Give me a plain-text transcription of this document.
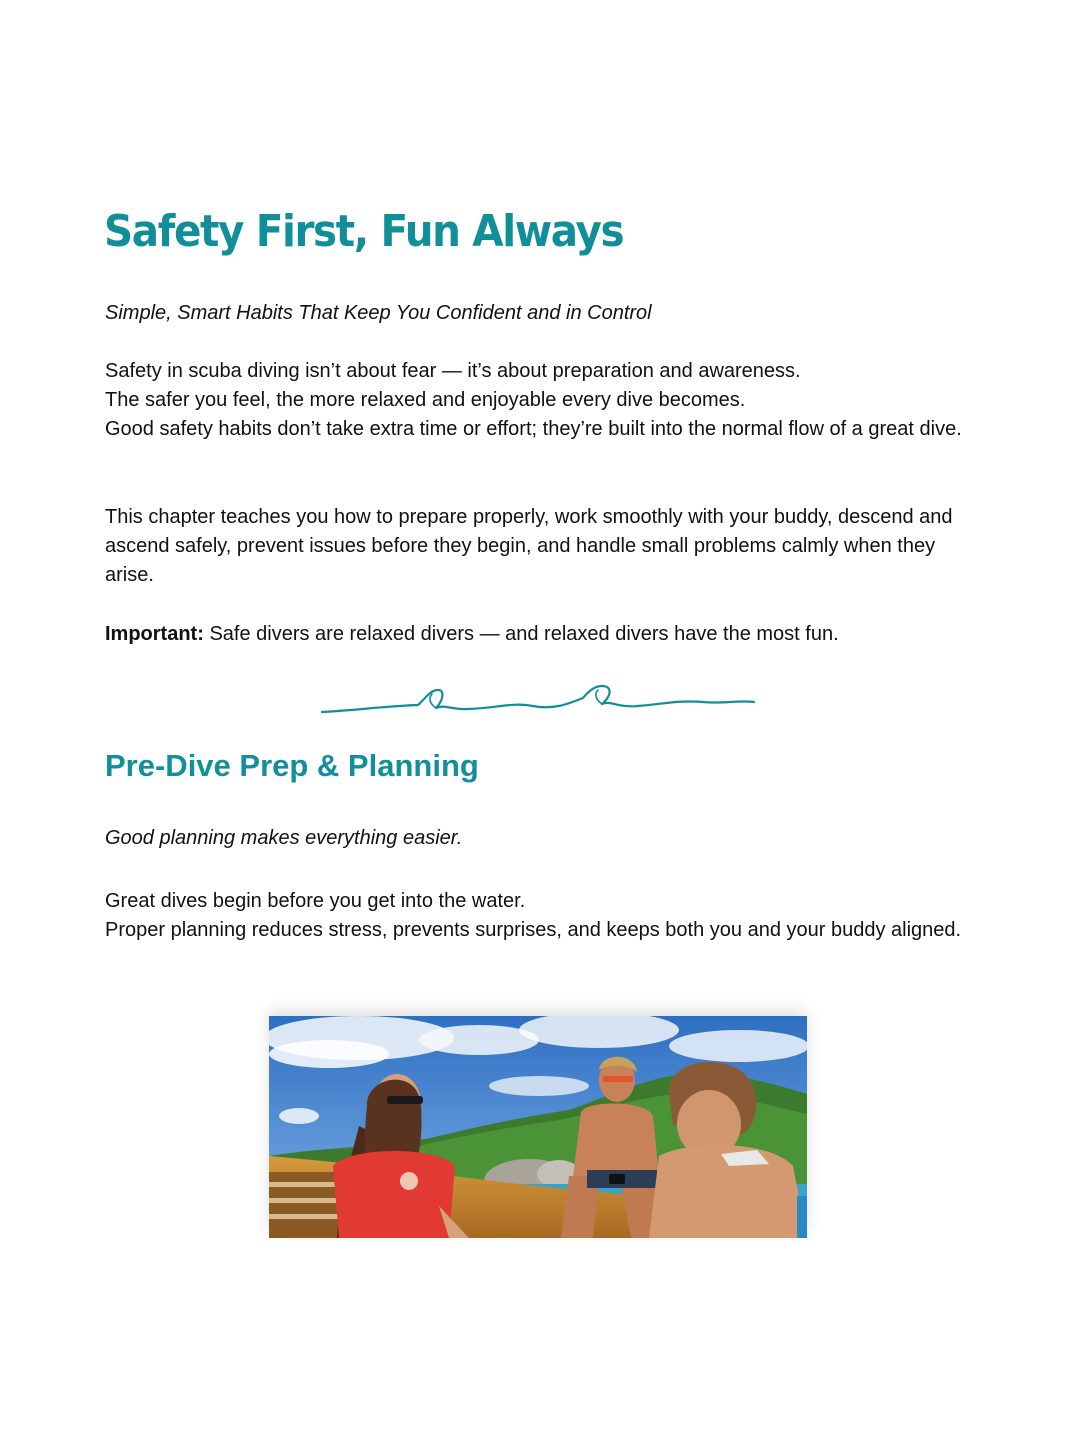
Safety First, Fun Always

Simple, Smart Habits That Keep You Confident and in Control

Safety in scuba diving isn’t about fear — it’s about preparation and awareness.

The safer you feel, the more relaxed and enjoyable every dive becomes.

Good safety habits don’t take extra time or effort; they’re built into the normal flow of a great dive.

This chapter teaches you how to prepare properly, work smoothly with your buddy, descend and ascend safely, prevent issues before they begin, and handle small problems calmly when they arise.

Important: Safe divers are relaxed divers — and relaxed divers have the most fun.

Pre-Dive Prep & Planning

Good planning makes everything easier.

Great dives begin before you get into the water.

Proper planning reduces stress, prevents surprises, and keeps both you and your buddy aligned.
